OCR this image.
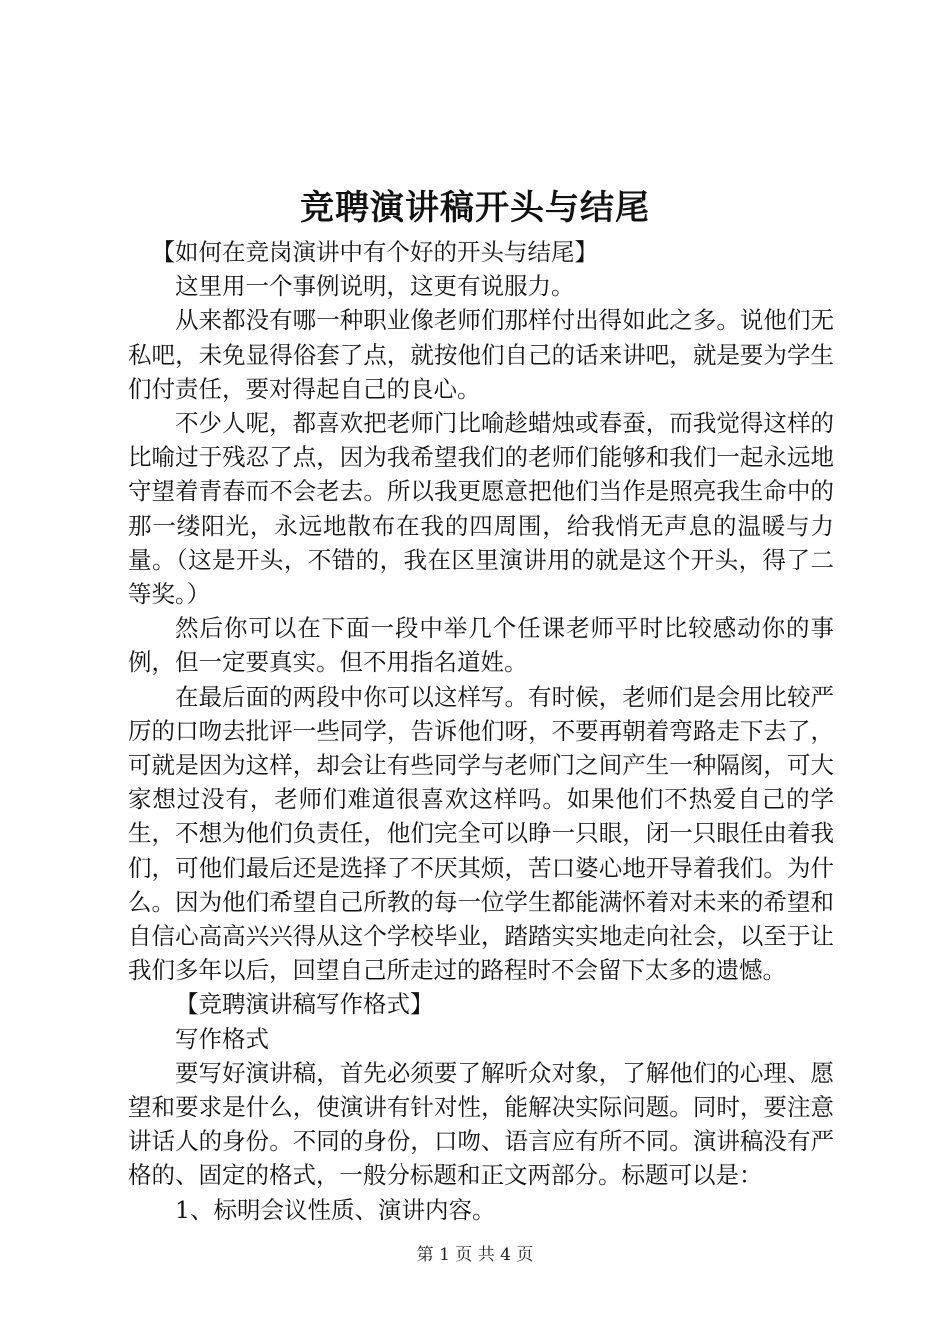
竞聘演讲稿开头与结尾

【如何在竞岗演讲中有个好的开头与结尾】

这里用一个事例说明，这更有说服力。

从来都没有哪一种职业像老师们那样付出得如此之多。说他们无私吧，未免显得俗套了点，就按他们自己的话来讲吧，就是要为学生们付责任，要对得起自己的良心。

不少人呢，都喜欢把老师门比喻趁蜡烛或春蚕，而我觉得这样的比喻过于残忍了点，因为我希望我们的老师们能够和我们一起永远地守望着青春而不会老去。所以我更愿意把他们当作是照亮我生命中的那一缕阳光，永远地散布在我的四周围，给我悄无声息的温暖与力量。（这是开头，不错的，我在区里演讲用的就是这个开头，得了二等奖。）

然后你可以在下面一段中举几个任课老师平时比较感动你的事例，但一定要真实。但不用指名道姓。

在最后面的两段中你可以这样写。有时候，老师们是会用比较严厉的口吻去批评一些同学，告诉他们呀，不要再朝着弯路走下去了，可就是因为这样，却会让有些同学与老师门之间产生一种隔阂，可大家想过没有，老师们难道很喜欢这样吗。如果他们不热爱自己的学生，不想为他们负责任，他们完全可以睁一只眼，闭一只眼任由着我们，可他们最后还是选择了不厌其烦，苦口婆心地开导着我们。为什么。因为他们希望自己所教的每一位学生都能满怀着对未来的希望和自信心高高兴兴得从这个学校毕业，踏踏实实地走向社会，以至于让我们多年以后，回望自己所走过的路程时不会留下太多的遗憾。

【竞聘演讲稿写作格式】

写作格式

要写好演讲稿，首先必须要了解听众对象，了解他们的心理、愿望和要求是什么，使演讲有针对性，能解决实际问题。同时，要注意讲话人的身份。不同的身份，口吻、语言应有所不同。演讲稿没有严格的、固定的格式，一般分标题和正文两部分。标题可以是：

1、标明会议性质、演讲内容。

第 1 页 共 4 页
